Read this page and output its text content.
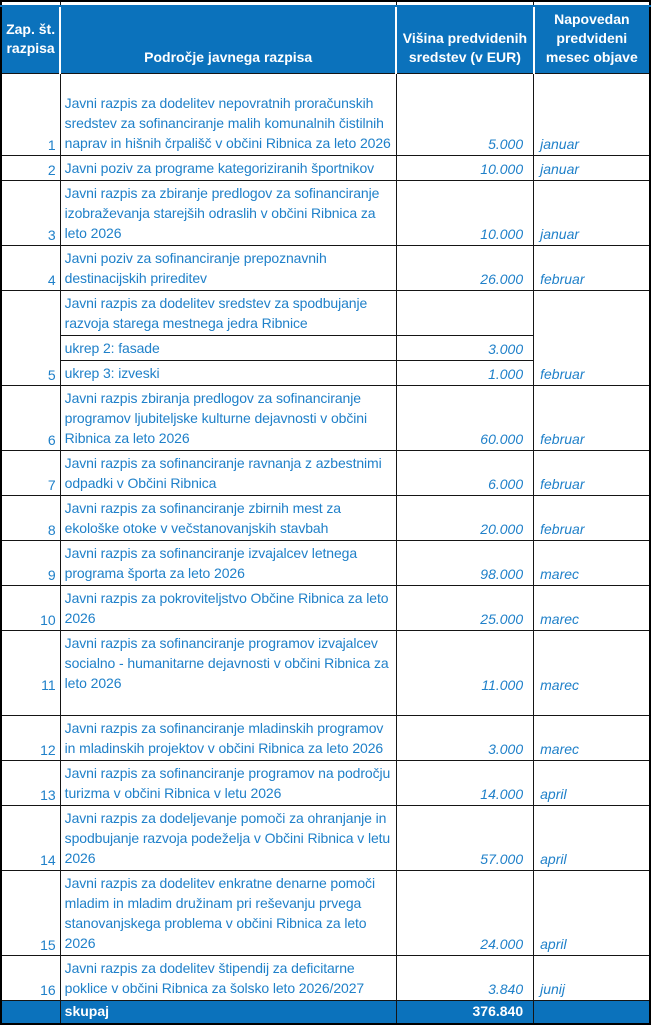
Zap. št. razpisa	Področje javnega razpisa	Višina predvidenih sredstev (v EUR)	Napovedan predvideni mesec objave
1	Javni razpis za dodelitev nepovratnih proračunskih sredstev za sofinanciranje malih komunalnih čistilnih naprav in hišnih črpališč v občini Ribnica za leto 2026	5.000	januar
2	Javni poziv za programe kategoriziranih športnikov	10.000	januar
3	Javni razpis za zbiranje predlogov za sofinanciranje izobraževanja starejših odraslih v občini Ribnica za leto 2026	10.000	januar
4	Javni poziv za sofinanciranje prepoznavnih destinacijskih prireditev	26.000	februar
5	Javni razpis za dodelitev sredstev za spodbujanje razvoja starega mestnega jedra Ribnice		februar
	ukrep 2: fasade	3.000	
	ukrep 3: izveski	1.000	
6	Javni razpis zbiranja predlogov za sofinanciranje programov ljubiteljske kulturne dejavnosti v občini Ribnica za leto 2026	60.000	februar
7	Javni razpis za sofinanciranje ravnanja z azbestnimi odpadki v Občini Ribnica	6.000	februar
8	Javni razpis za sofinanciranje zbirnih mest za ekološke otoke v večstanovanjskih stavbah	20.000	februar
9	Javni razpis za sofinanciranje izvajalcev letnega programa športa za leto 2026	98.000	marec
10	Javni razpis za pokroviteljstvo Občine Ribnica za leto 2026	25.000	marec
11	Javni razpis za sofinanciranje programov izvajalcev socialno - humanitarne dejavnosti v občini Ribnica za leto 2026	11.000	marec
12	Javni razpis za sofinanciranje mladinskih programov in mladinskih projektov v občini Ribnica za leto 2026	3.000	marec
13	Javni razpis za sofinanciranje programov na področju turizma v občini Ribnica v letu 2026	14.000	april
14	Javni razpis za dodeljevanje pomoči za ohranjanje in spodbujanje razvoja podeželja v Občini Ribnica v letu 2026	57.000	april
15	Javni razpis za dodelitev enkratne denarne pomoči mladim in mladim družinam pri reševanju prvega stanovanjskega problema v občini Ribnica za leto 2026	24.000	april
16	Javni razpis za dodelitev štipendij za deficitarne poklice v občini Ribnica za šolsko leto 2026/2027	3.840	junij
	skupaj	376.840	
